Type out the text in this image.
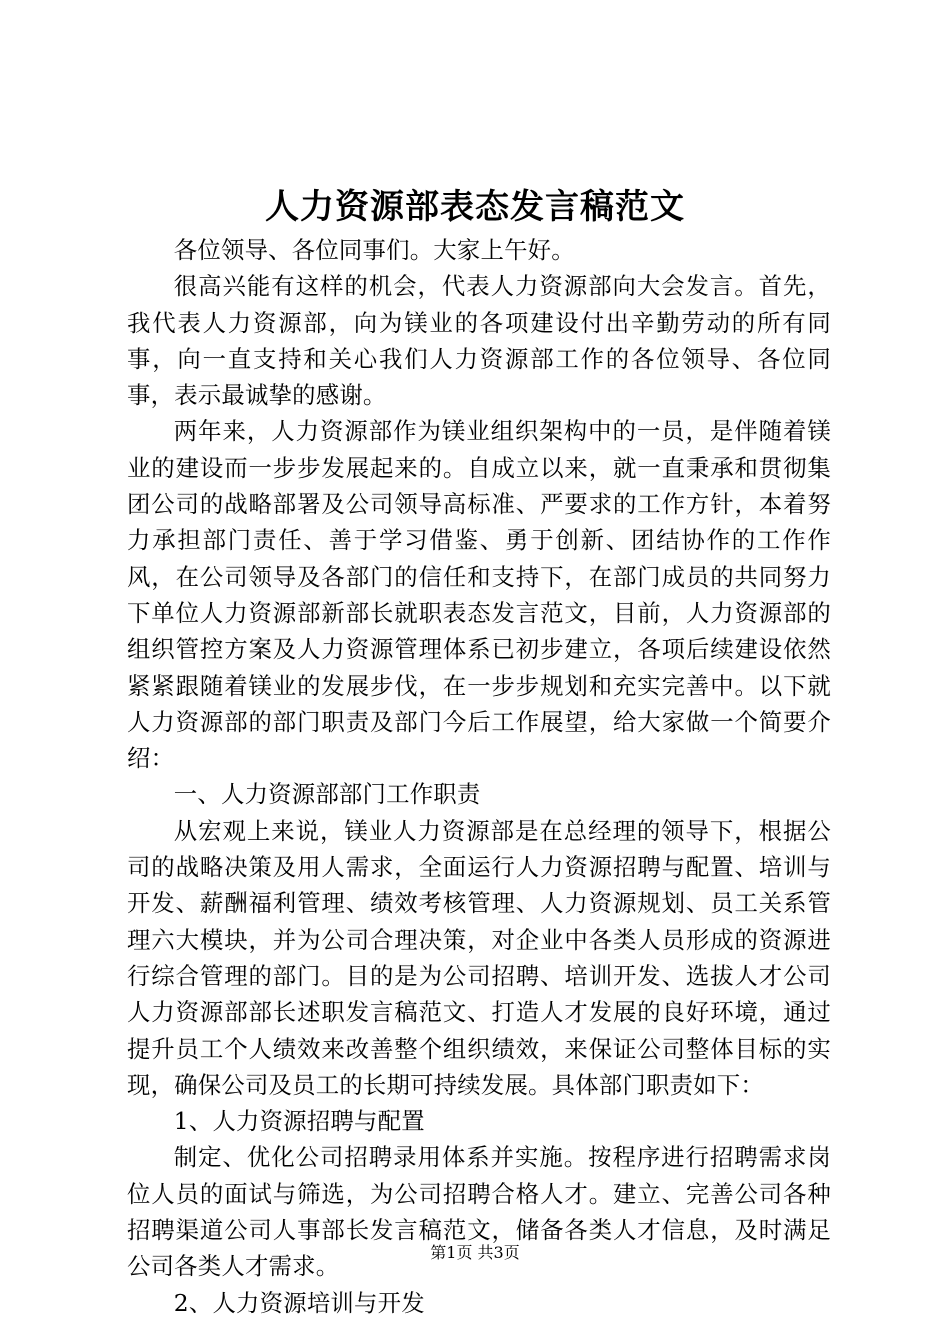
人力资源部表态发言稿范文

各位领导、各位同事们。大家上午好。

很高兴能有这样的机会，代表人力资源部向大会发言。首先，我代表人力资源部，向为镁业的各项建设付出辛勤劳动的所有同事，向一直支持和关心我们人力资源部工作的各位领导、各位同事，表示最诚挚的感谢。

两年来，人力资源部作为镁业组织架构中的一员，是伴随着镁业的建设而一步步发展起来的。自成立以来，就一直秉承和贯彻集团公司的战略部署及公司领导高标准、严要求的工作方针，本着努力承担部门责任、善于学习借鉴、勇于创新、团结协作的工作作风，在公司领导及各部门的信任和支持下，在部门成员的共同努力下单位人力资源部新部长就职表态发言范文，目前，人力资源部的组织管控方案及人力资源管理体系已初步建立，各项后续建设依然紧紧跟随着镁业的发展步伐，在一步步规划和充实完善中。以下就人力资源部的部门职责及部门今后工作展望，给大家做一个简要介绍：

一、人力资源部部门工作职责

从宏观上来说，镁业人力资源部是在总经理的领导下，根据公司的战略决策及用人需求，全面运行人力资源招聘与配置、培训与开发、薪酬福利管理、绩效考核管理、人力资源规划、员工关系管理六大模块，并为公司合理决策，对企业中各类人员形成的资源进行综合管理的部门。目的是为公司招聘、培训开发、选拔人才公司人力资源部部长述职发言稿范文、打造人才发展的良好环境，通过提升员工个人绩效来改善整个组织绩效，来保证公司整体目标的实现，确保公司及员工的长期可持续发展。具体部门职责如下：

1、人力资源招聘与配置

制定、优化公司招聘录用体系并实施。按程序进行招聘需求岗位人员的面试与筛选，为公司招聘合格人才。建立、完善公司各种招聘渠道公司人事部长发言稿范文，储备各类人才信息，及时满足公司各类人才需求。

2、人力资源培训与开发

第1页 共3页
